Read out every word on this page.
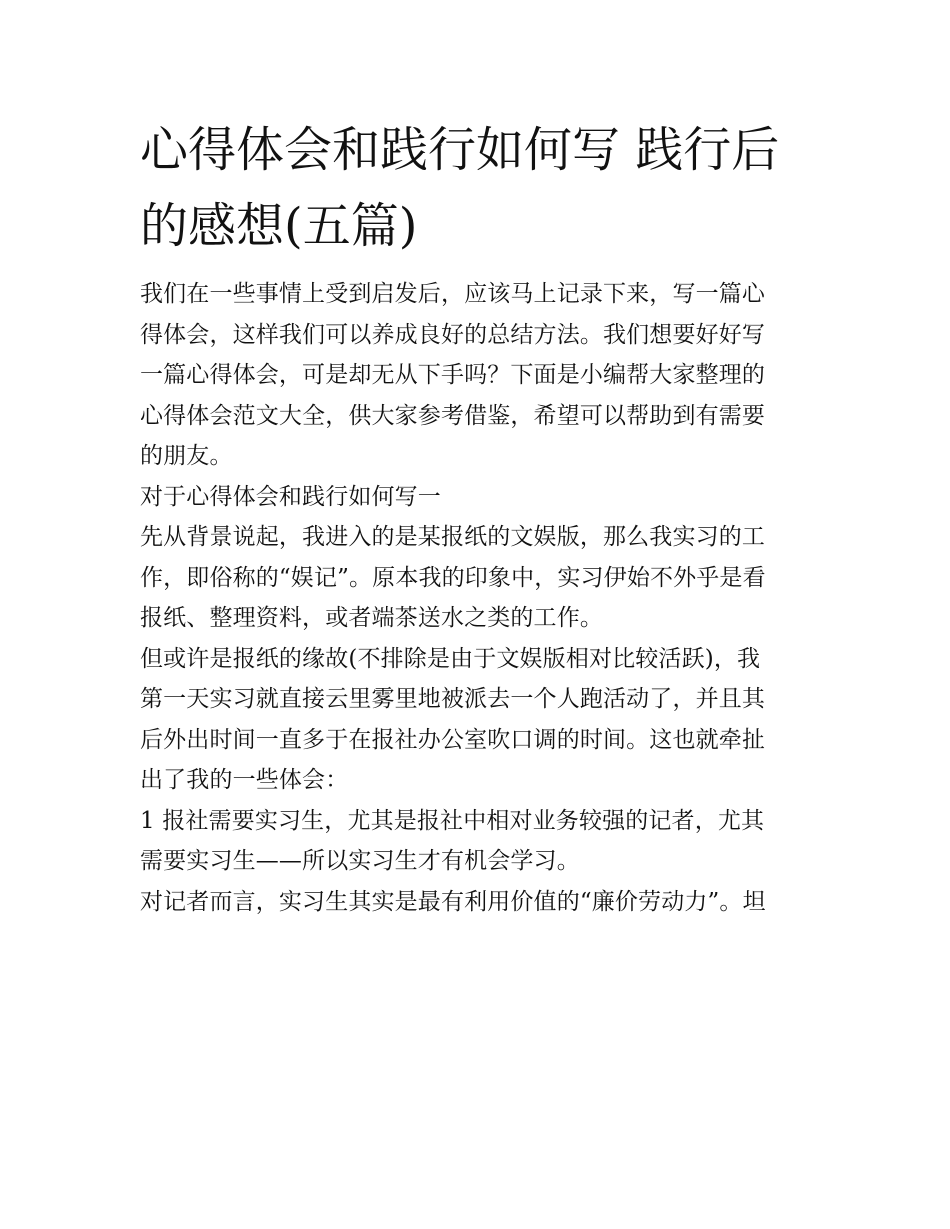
心得体会和践行如何写 践行后
的感想(五篇)
我们在一些事情上受到启发后，应该马上记录下来，写一篇心
得体会，这样我们可以养成良好的总结方法。我们想要好好写
一篇心得体会，可是却无从下手吗？下面是小编帮大家整理的
心得体会范文大全，供大家参考借鉴，希望可以帮助到有需要
的朋友。
对于心得体会和践行如何写一
先从背景说起，我进入的是某报纸的文娱版，那么我实习的工
作，即俗称的“娱记”。原本我的印象中，实习伊始不外乎是看
报纸、整理资料，或者端茶送水之类的工作。
但或许是报纸的缘故(不排除是由于文娱版相对比较活跃)，我
第一天实习就直接云里雾里地被派去一个人跑活动了，并且其
后外出时间一直多于在报社办公室吹口调的时间。这也就牵扯
出了我的一些体会：
1 报社需要实习生，尤其是报社中相对业务较强的记者，尤其
需要实习生——所以实习生才有机会学习。
对记者而言，实习生其实是最有利用价值的“廉价劳动力”。坦
